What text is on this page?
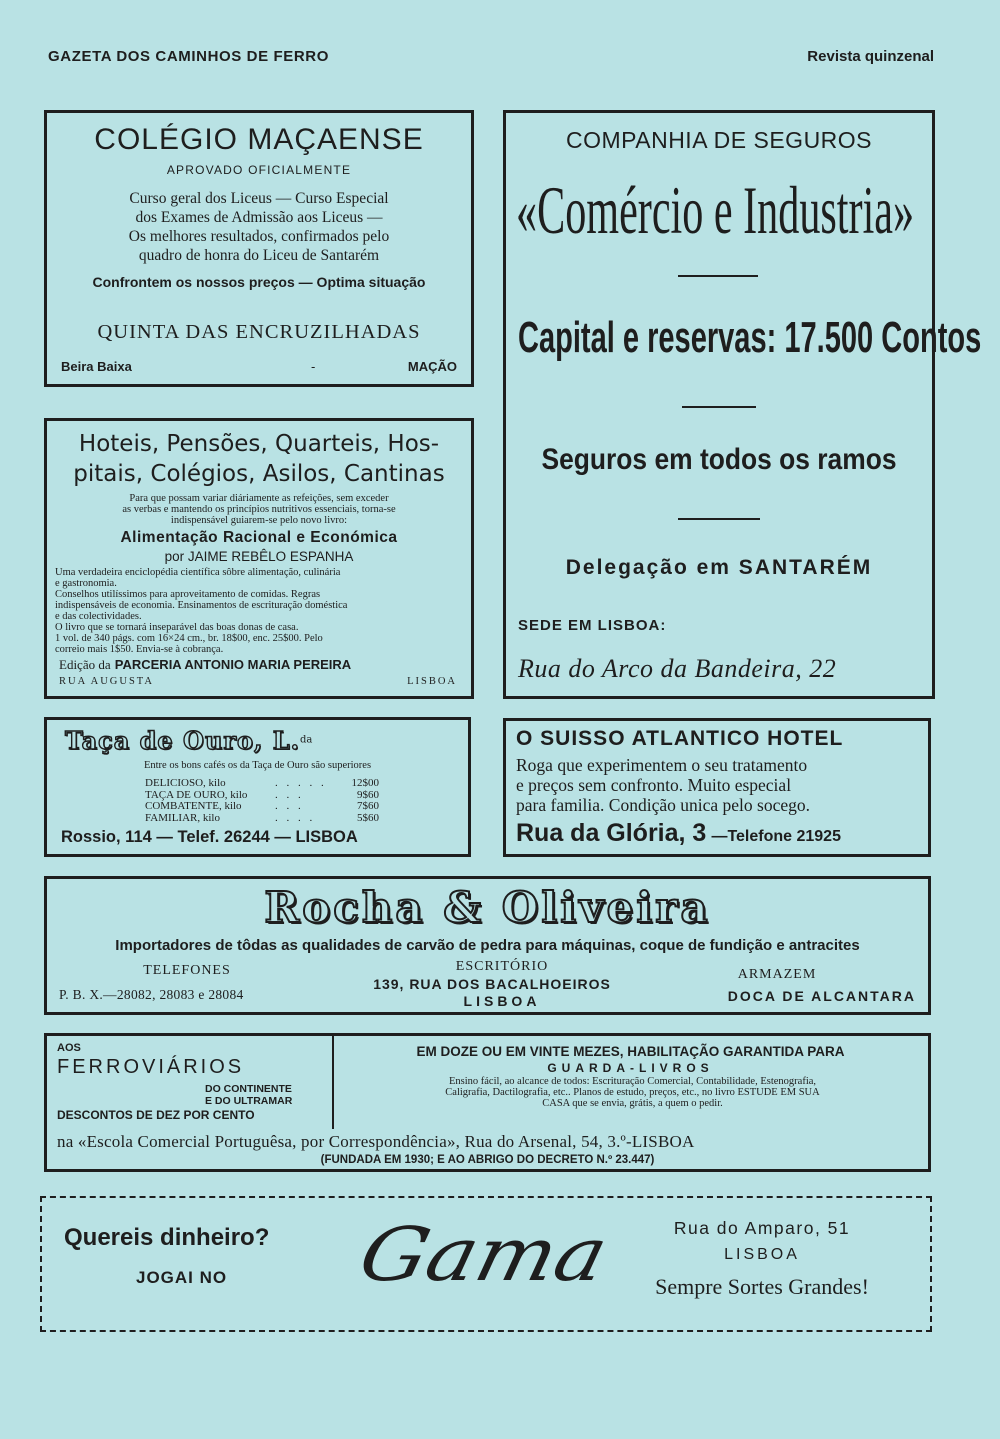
GAZETA DOS CAMINHOS DE FERRO	Revista quinzenal
COLÉGIO MAÇAENSE
APROVADO OFICIALMENTE
Curso geral dos Liceus — Curso Especial
dos Exames de Admissão aos Liceus —
Os melhores resultados, confirmados pelo
quadro de honra do Liceu de Santarém
Confrontem os nossos preços — Optima situação
QUINTA DAS ENCRUZILHADAS
Beira Baixa	-	MAÇÃO
COMPANHIA DE SEGUROS
«Comércio e Industria»
Capital e reservas: 17.500 Contos
Seguros em todos os ramos
Delegação em SANTARÉM
SEDE EM LISBOA:
Rua do Arco da Bandeira, 22
Hoteis, Pensões, Quarteis, Hos-
pitais, Colégios, Asilos, Cantinas
Para que possam variar diáriamente as refeições, sem exceder
as verbas e mantendo os princípios nutritivos essenciais, torna-se
indispensável guiarem-se pelo novo livro:
Alimentação Racional e Económica
por JAIME REBÊLO ESPANHA
Uma verdadeira enciclopédia científica sôbre alimentação, culinária
e gastronomia.
Conselhos utilíssimos para aproveitamento de comidas. Regras
indispensáveis de economia. Ensinamentos de escrituração doméstica
e das colectividades.
O livro que se tornará inseparável das boas donas de casa.
1 vol. de 340 págs. com 16×24 cm., br. 18$00, enc. 25$00. Pelo
correio mais 1$50. Envia-se à cobrança.
Edição da PARCERIA ANTONIO MARIA PEREIRA
RUA AUGUSTA	LISBOA
Taça de Ouro, L.$^{da}$
Entre os bons cafés os da Taça de Ouro são superiores
DELICIOSO, kilo	. . . . .	12$00
TAÇA DE OURO, kilo	. . .	9$60
COMBATENTE, kilo	. . .	7$60
FAMILIAR, kilo	. . . .	5$60
Rossio, 114 — Telef. 26244 — LISBOA
O SUISSO ATLANTICO HOTEL
Roga que experimentem o seu tratamento
e preços sem confronto. Muito especial
para familia. Condição unica pelo socego.
Rua da Glória, 3 —Telefone 21925
Rocha & Oliveira
Importadores de tôdas as qualidades de carvão de pedra para máquinas, coque de fundição e antracites
TELEFONES
P. B. X.—28082, 28083 e 28084
ESCRITÓRIO
139, RUA DOS BACALHOEIROS
LISBOA
ARMAZEM
DOCA DE ALCANTARA
AOS
FERROVIÁRIOS
DO CONTINENTE
E DO ULTRAMAR
DESCONTOS DE DEZ POR CENTO
EM DOZE OU EM VINTE MEZES, HABILITAÇÃO GARANTIDA PARA
GUARDA-LIVROS
Ensino fácil, ao alcance de todos: Escrituração Comercial, Contabilidade, Estenografia,
Caligrafia, Dactilografia, etc.. Planos de estudo, preços, etc., no livro ESTUDE EM SUA
CASA que se envia, grátis, a quem o pedir.
na «Escola Comercial Portuguêsa, por Correspondência», Rua do Arsenal, 54, 3.º-LISBOA
(FUNDADA EM 1930; E AO ABRIGO DO DECRETO N.º 23.447)
Quereis dinheiro?
JOGAI NO Gama	Rua do Amparo, 51
LISBOA
Sempre Sortes Grandes!
